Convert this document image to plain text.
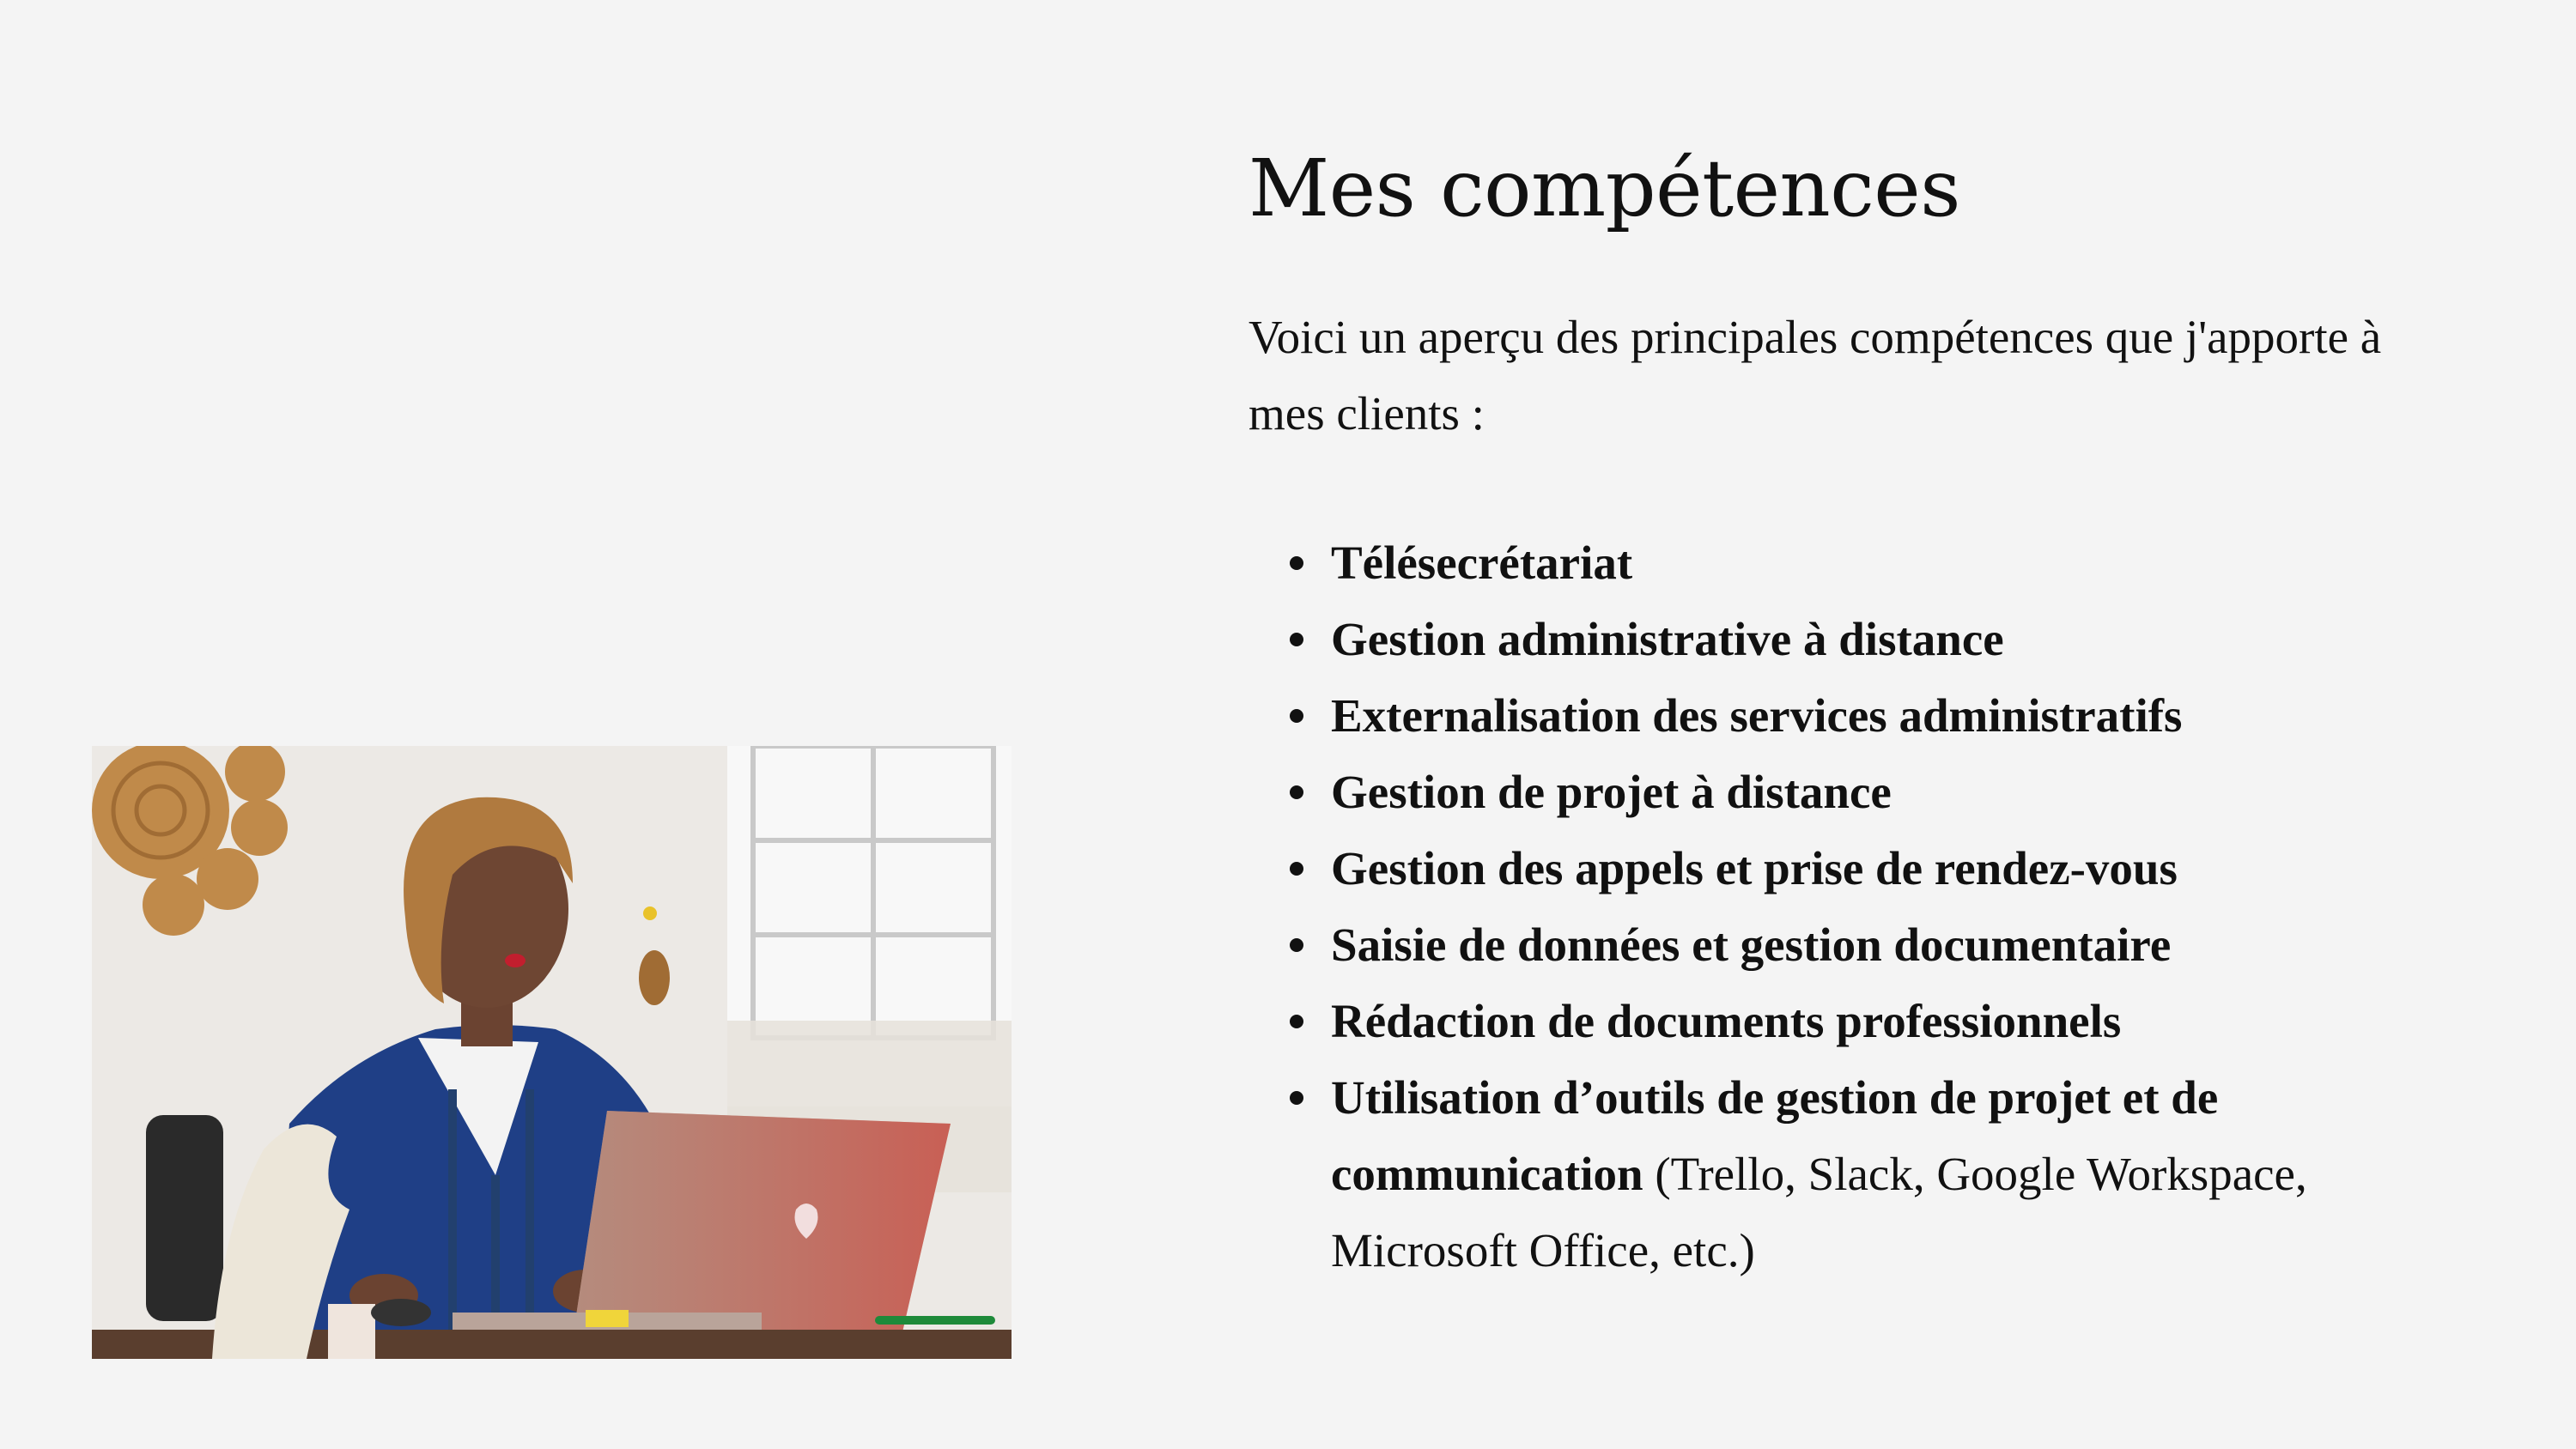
Mes compétences

Voici un aperçu des principales compétences que j'apporte à mes clients :

Télésecrétariat
Gestion administrative à distance
Externalisation des services administratifs
Gestion de projet à distance
Gestion des appels et prise de rendez-vous
Saisie de données et gestion documentaire
Rédaction de documents professionnels
Utilisation d’outils de gestion de projet et de communication (Trello, Slack, Google Workspace, Microsoft Office, etc.)
